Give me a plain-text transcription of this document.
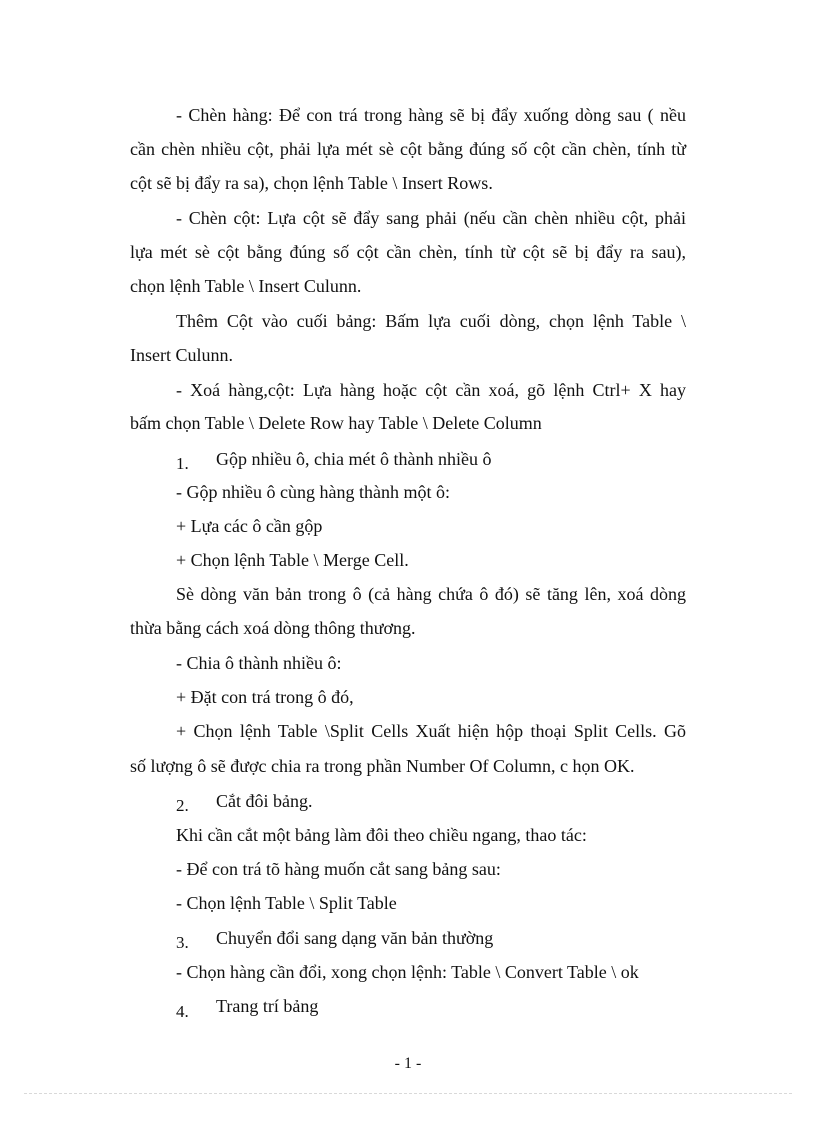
- Chèn hàng: Để con trá trong hàng sẽ bị đẩy xuống dòng sau ( nều
cần chèn nhiều cột, phải lựa mét sè cột bằng đúng số cột cần chèn, tính từ
cột sẽ bị đẩy ra sa), chọn lệnh Table \ Insert Rows.
- Chèn cột: Lựa cột sẽ đẩy sang phải (nếu cần chèn nhiều cột, phải
lựa mét sè cột bằng đúng số cột cần chèn, tính từ cột sẽ bị đẩy ra sau),
chọn lệnh Table \ Insert Culunn.
Thêm Cột vào cuối bảng: Bấm lựa cuối dòng, chọn lệnh Table \
Insert Culunn.
- Xoá hàng,cột: Lựa hàng hoặc cột cần xoá, gõ lệnh Ctrl+ X hay
bấm chọn Table \ Delete Row hay Table \ Delete Column
1. Gộp nhiều ô, chia mét ô thành nhiều ô
- Gộp nhiều ô cùng hàng thành một ô:
+ Lựa các ô cần gộp
+ Chọn lệnh Table \ Merge Cell.
Sè dòng văn bản trong ô (cả hàng chứa ô đó) sẽ tăng lên, xoá dòng
thừa bằng cách xoá dòng thông thương.
- Chia ô thành nhiều ô:
+ Đặt con trá trong ô đó,
+ Chọn lệnh Table \Split Cells Xuất hiện hộp thoại Split Cells. Gõ
số lượng ô sẽ được chia ra trong phần Number Of Column, c họn OK.
2. Cắt đôi bảng.
Khi cần cắt một bảng làm đôi theo chiều ngang, thao tác:
- Để con trá tõ hàng muốn cắt sang bảng sau:
- Chọn lệnh Table \ Split Table
3. Chuyển đổi sang dạng văn bản thường
- Chọn hàng cần đổi, xong chọn lệnh: Table \ Convert Table \ ok
4. Trang trí bảng
- 1 -
